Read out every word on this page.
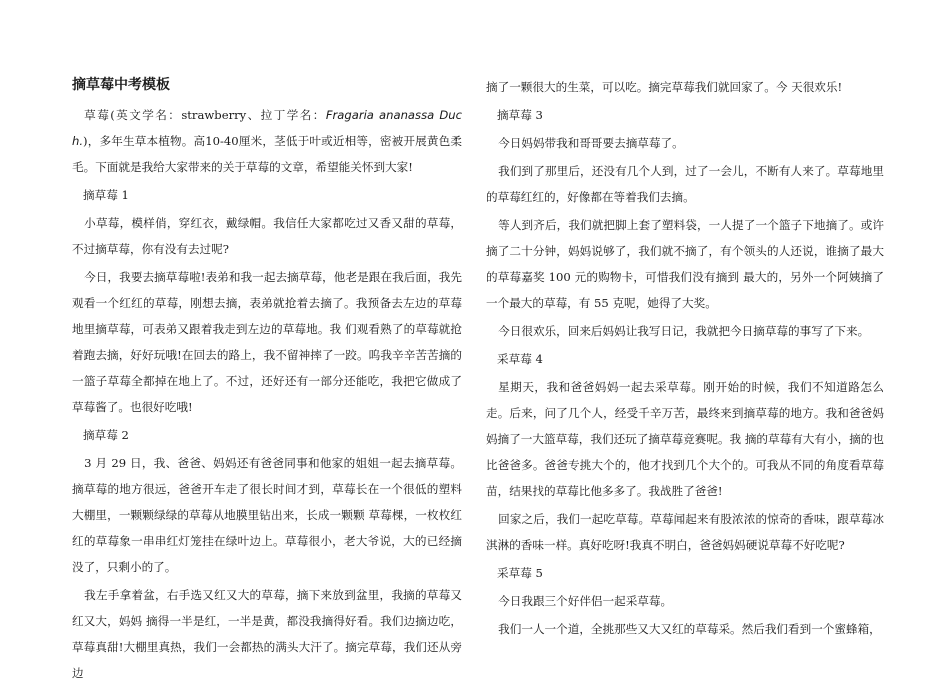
摘草莓中考模板

草莓(英文学名：strawberry、拉丁学名：Fragaria ananassa Duch.)，多年生草本植物。高10-40厘米，茎低于叶或近相等，密被开展黄色柔毛。下面就是我给大家带来的关于草莓的文章，希望能关怀到大家!

摘草莓 1

小草莓，模样俏，穿红衣，戴绿帽。我信任大家都吃过又香又甜的草莓，不过摘草莓，你有没有去过呢?

今日，我要去摘草莓啦!表弟和我一起去摘草莓，他老是跟在我后面，我先观看一个红红的草莓，刚想去摘，表弟就抢着去摘了。我预备去左边的草莓地里摘草莓，可表弟又跟着我走到左边的草莓地。我 们观看熟了的草莓就抢着跑去摘，好好玩哦!在回去的路上，我不留神摔了一跤。呜我辛辛苦苦摘的一篮子草莓全都掉在地上了。不过，还好还有一部分还能吃，我把它做成了草莓酱了。也很好吃哦!

摘草莓 2

3 月 29 日，我、爸爸、妈妈还有爸爸同事和他家的姐姐一起去摘草莓。摘草莓的地方很远，爸爸开车走了很长时间才到，草莓长在一个很低的塑料大棚里，一颗颗绿绿的草莓从地膜里钻出来，长成一颗颗 草莓棵，一枚枚红红的草莓象一串串红灯笼挂在绿叶边上。草莓很小，老大爷说，大的已经摘没了，只剩小的了。

我左手拿着盆，右手选又红又大的草莓，摘下来放到盆里，我摘的草莓又红又大，妈妈 摘得一半是红，一半是黄，都没我摘得好看。我们边摘边吃，草莓真甜!大棚里真热，我们一会都热的满头大汗了。摘完草莓，我们还从旁边

摘了一颗很大的生菜，可以吃。摘完草莓我们就回家了。今 天很欢乐!

摘草莓 3

今日妈妈带我和哥哥要去摘草莓了。

我们到了那里后，还没有几个人到，过了一会儿，不断有人来了。草莓地里的草莓红红的，好像都在等着我们去摘。

等人到齐后，我们就把脚上套了塑料袋，一人提了一个篮子下地摘了。或许摘了二十分钟，妈妈说够了，我们就不摘了，有个领头的人还说，谁摘了最大的草莓嘉奖 100 元的购物卡，可惜我们没有摘到 最大的，另外一个阿姨摘了一个最大的草莓，有 55 克呢，她得了大奖。

今日很欢乐，回来后妈妈让我写日记，我就把今日摘草莓的事写了下来。

采草莓 4

星期天，我和爸爸妈妈一起去采草莓。刚开始的时候，我们不知道路怎么走。后来，问了几个人，经受千辛万苦，最终来到摘草莓的地方。我和爸爸妈妈摘了一大篮草莓，我们还玩了摘草莓竞赛呢。我 摘的草莓有大有小，摘的也比爸爸多。爸爸专挑大个的，他才找到几个大个的。可我从不同的角度看草莓苗，结果找的草莓比他多多了。我战胜了爸爸!

回家之后，我们一起吃草莓。草莓闻起来有股浓浓的惊奇的香味，跟草莓冰淇淋的香味一样。真好吃呀!我真不明白，爸爸妈妈硬说草莓不好吃呢?

采草莓 5

今日我跟三个好伴侣一起采草莓。

我们一人一个道，全挑那些又大又红的草莓采。然后我们看到一个蜜蜂箱，
